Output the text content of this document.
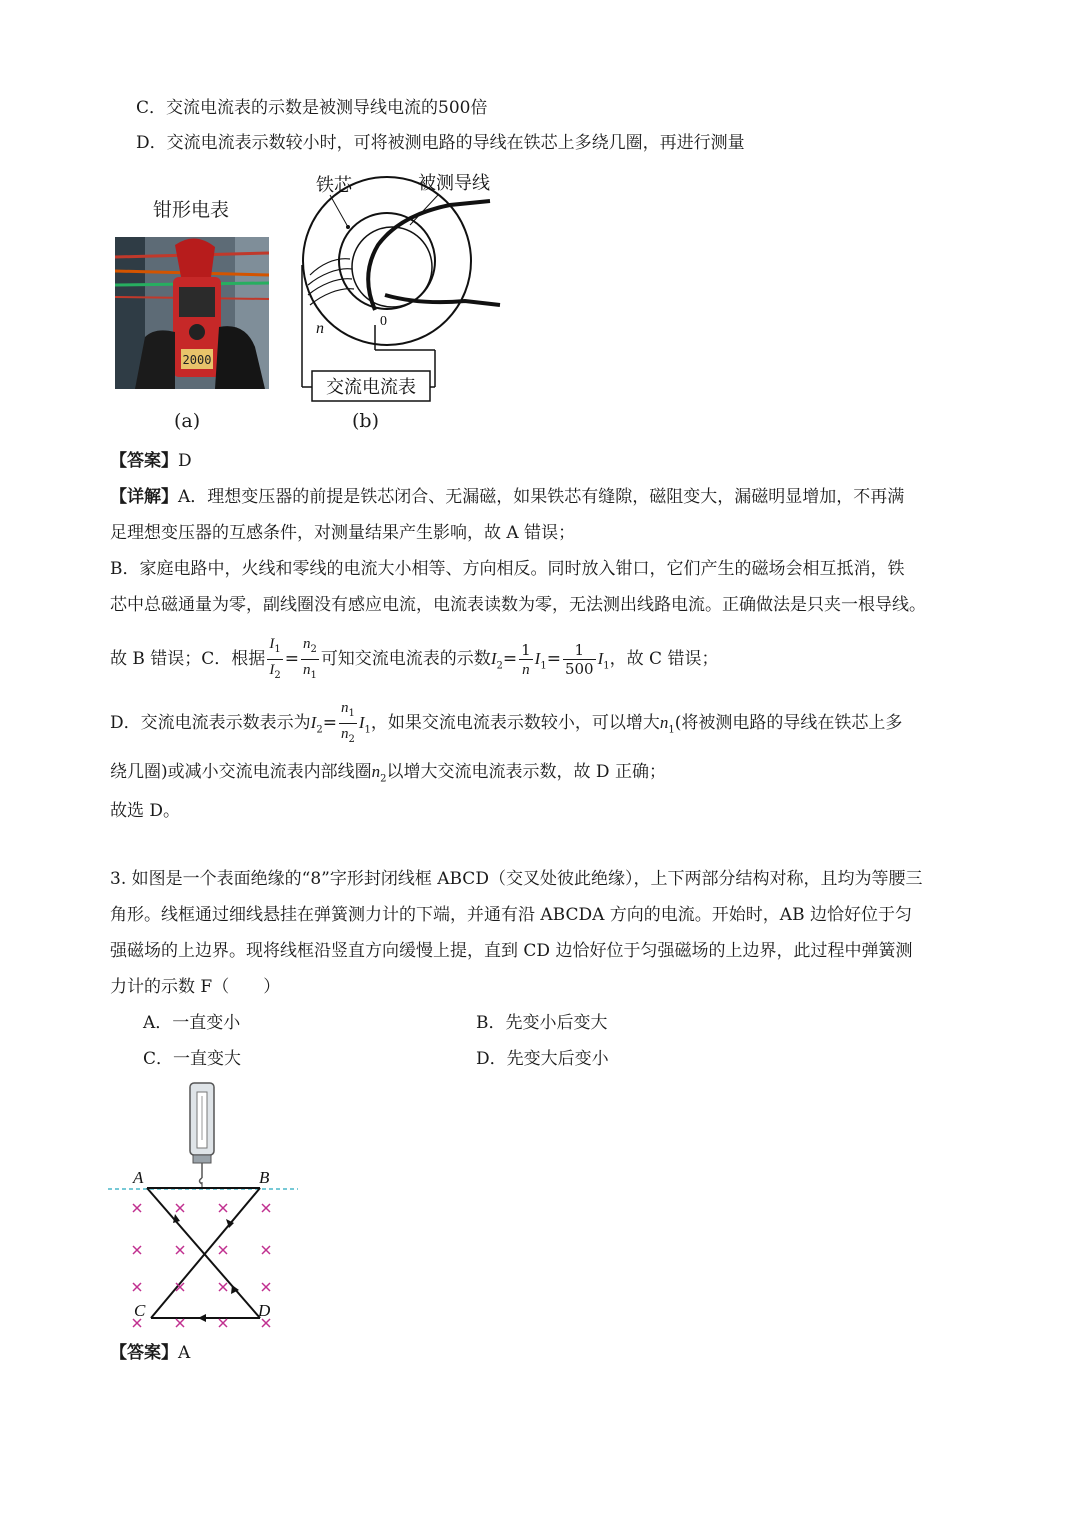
C．交流电流表的示数是被测导线电流的500倍
D．交流电流表示数较小时，可将被测电路的导线在铁芯上多绕几圈，再进行测量
钳形电表
2000
(a)
铁芯	被测导线
n	0
交流电流表
(b)
【答案】D
【详解】A．理想变压器的前提是铁芯闭合、无漏磁，如果铁芯有缝隙，磁阻变大，漏磁明显增加，不再满
足理想变压器的互感条件，对测量结果产生影响，故 A 错误；
B．家庭电路中，火线和零线的电流大小相等、方向相反。同时放入钳口，它们产生的磁场会相互抵消，铁
芯中总磁通量为零，副线圈没有感应电流，电流表读数为零，无法测出线路电流。正确做法是只夹一根导线。
故 B 错误；C．根据 $\frac{I_1}{I_2} = \frac{n_2}{n_1}$ 可知交流电流表的示数$I_2= \frac{1}{n} I_1= \frac{1}{500} I_1$，故 C 错误；
D．交流电流表示数表示为$I_2= \frac{n_1}{n_2} I_1$，如果交流电流表示数较小，可以增大$n_1$(将被测电路的导线在铁芯上多
绕几圈)或减小交流电流表内部线圈$n_2$以增大交流电流表示数，故 D 正确；
故选 D。
3. 如图是一个表面绝缘的“8”字形封闭线框 ABCD（交叉处彼此绝缘），上下两部分结构对称，且均为等腰三
角形。线框通过细线悬挂在弹簧测力计的下端，并通有沿 ABCDA 方向的电流。开始时，AB 边恰好位于匀
强磁场的上边界。现将线框沿竖直方向缓慢上提，直到 CD 边恰好位于匀强磁场的上边界，此过程中弹簧测
力计的示数 F（　　）
A．一直变小	B．先变小后变大
C．一直变大	D．先变大后变小
A	B
C	D
【答案】A
